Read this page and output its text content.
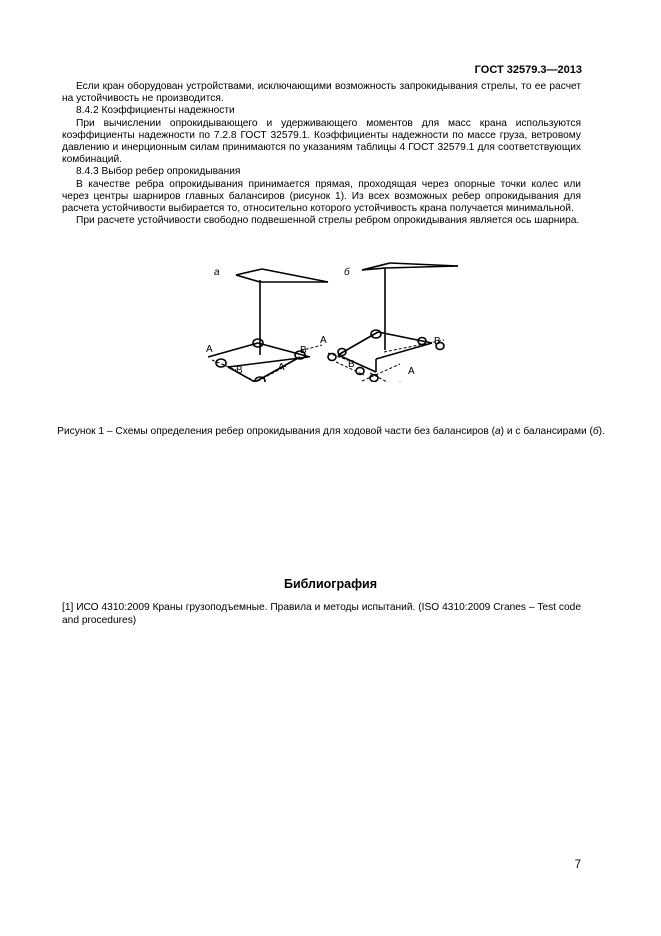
ГОСТ 32579.3—2013

Если кран оборудован устройствами, исключающими возможность запрокидывания стрелы, то ее расчет на устойчивость не производится.

8.4.2 Коэффициенты надежности

При вычислении опрокидывающего и удерживающего моментов для масс крана используются коэффициенты надежности по 7.2.8 ГОСТ 32579.1. Коэффициенты надежности по массе груза, ветровому давлению и инерционным силам принимаются по указаниям таблицы 4 ГОСТ 32579.1 для соответствующих комбинаций.

8.4.3 Выбор ребер опрокидывания

В качестве ребра опрокидывания принимается прямая, проходящая через опорные точки колес или через центры шарниров главных балансиров (рисунок 1). Из всех возможных ребер опрокидывания для расчета устойчивости выбирается то, относительно которого устойчивость крана получается минимальной.

При расчете устойчивости свободно подвешенной стрелы ребром опрокидывания является ось шарнира.

а	б
A	B
B	A
A	B
B
A
Рисунок 1 – Схемы определения ребер опрокидывания для ходовой части без балансиров (а) и с балансирами (б).
Библиография
[1] ИСО 4310:2009 Краны грузоподъемные. Правила и методы испытаний. (ISO 4310:2009 Cranes – Test code and procedures)
7
